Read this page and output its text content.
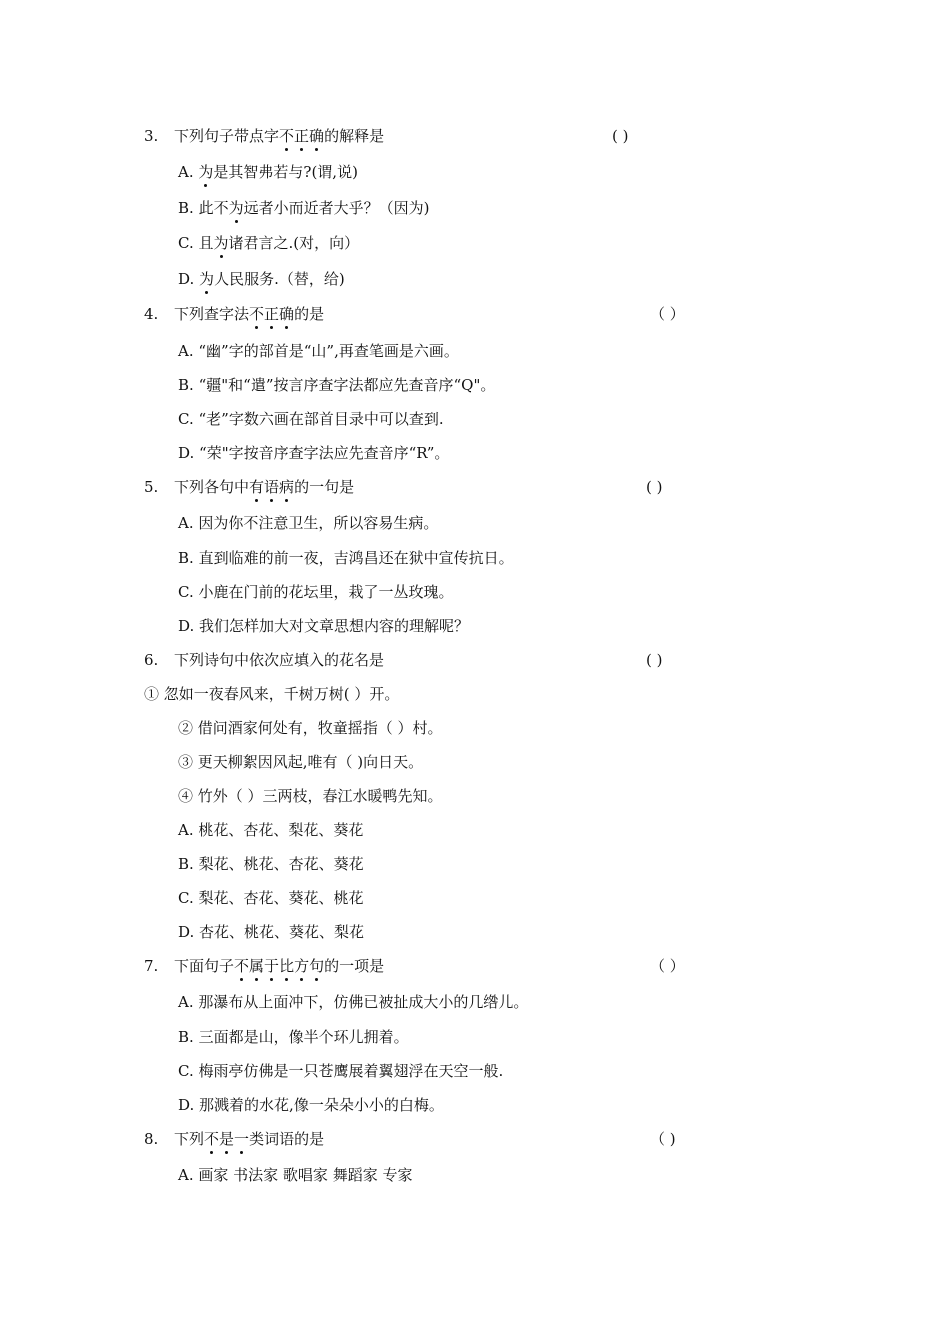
3. 下列句子带点字不正确的解释是	( )
A. 为是其智弗若与?(谓,说)
B. 此不为远者小而近者大乎？（因为)
C. 且为诸君言之.(对，向）
D. 为人民服务.（替，给)
4. 下列查字法不正确的是	（ ）
A. “幽”字的部首是“山”,再查笔画是六画。
B. “疆"和“遣”按言序查字法都应先查音序“Q"。
C. “老”字数六画在部首目录中可以查到.
D. “荣"字按音序查字法应先查音序“R”。
5. 下列各句中有语病的一句是	( )
A. 因为你不注意卫生，所以容易生病。
B. 直到临难的前一夜，吉鸿昌还在狱中宣传抗日。
C. 小鹿在门前的花坛里，栽了一丛玫瑰。
D. 我们怎样加大对文章思想内容的理解呢？
6. 下列诗句中依次应填入的花名是	( )
① 忽如一夜春风来，千树万树( ）开。
② 借问酒家何处有，牧童摇指（ ）村。
③ 更天柳絮因风起,唯有（ )向日天。
④ 竹外（ ）三两枝，春江水暖鸭先知。
A. 桃花、杏花、梨花、葵花
B. 梨花、桃花、杏花、葵花
C. 梨花、杏花、葵花、桃花
D. 杏花、桃花、葵花、梨花
7. 下面句子不属于比方句的一项是	（ ）
A. 那瀑布从上面冲下，仿佛已被扯成大小的几绺儿。
B. 三面都是山，像半个环儿拥着。
C. 梅雨亭仿佛是一只苍鹰展着翼翅浮在天空一般.
D. 那溅着的水花,像一朵朵小小的白梅。
8. 下列不是一类词语的是	（ )
A. 画家 书法家 歌唱家 舞蹈家 专家
